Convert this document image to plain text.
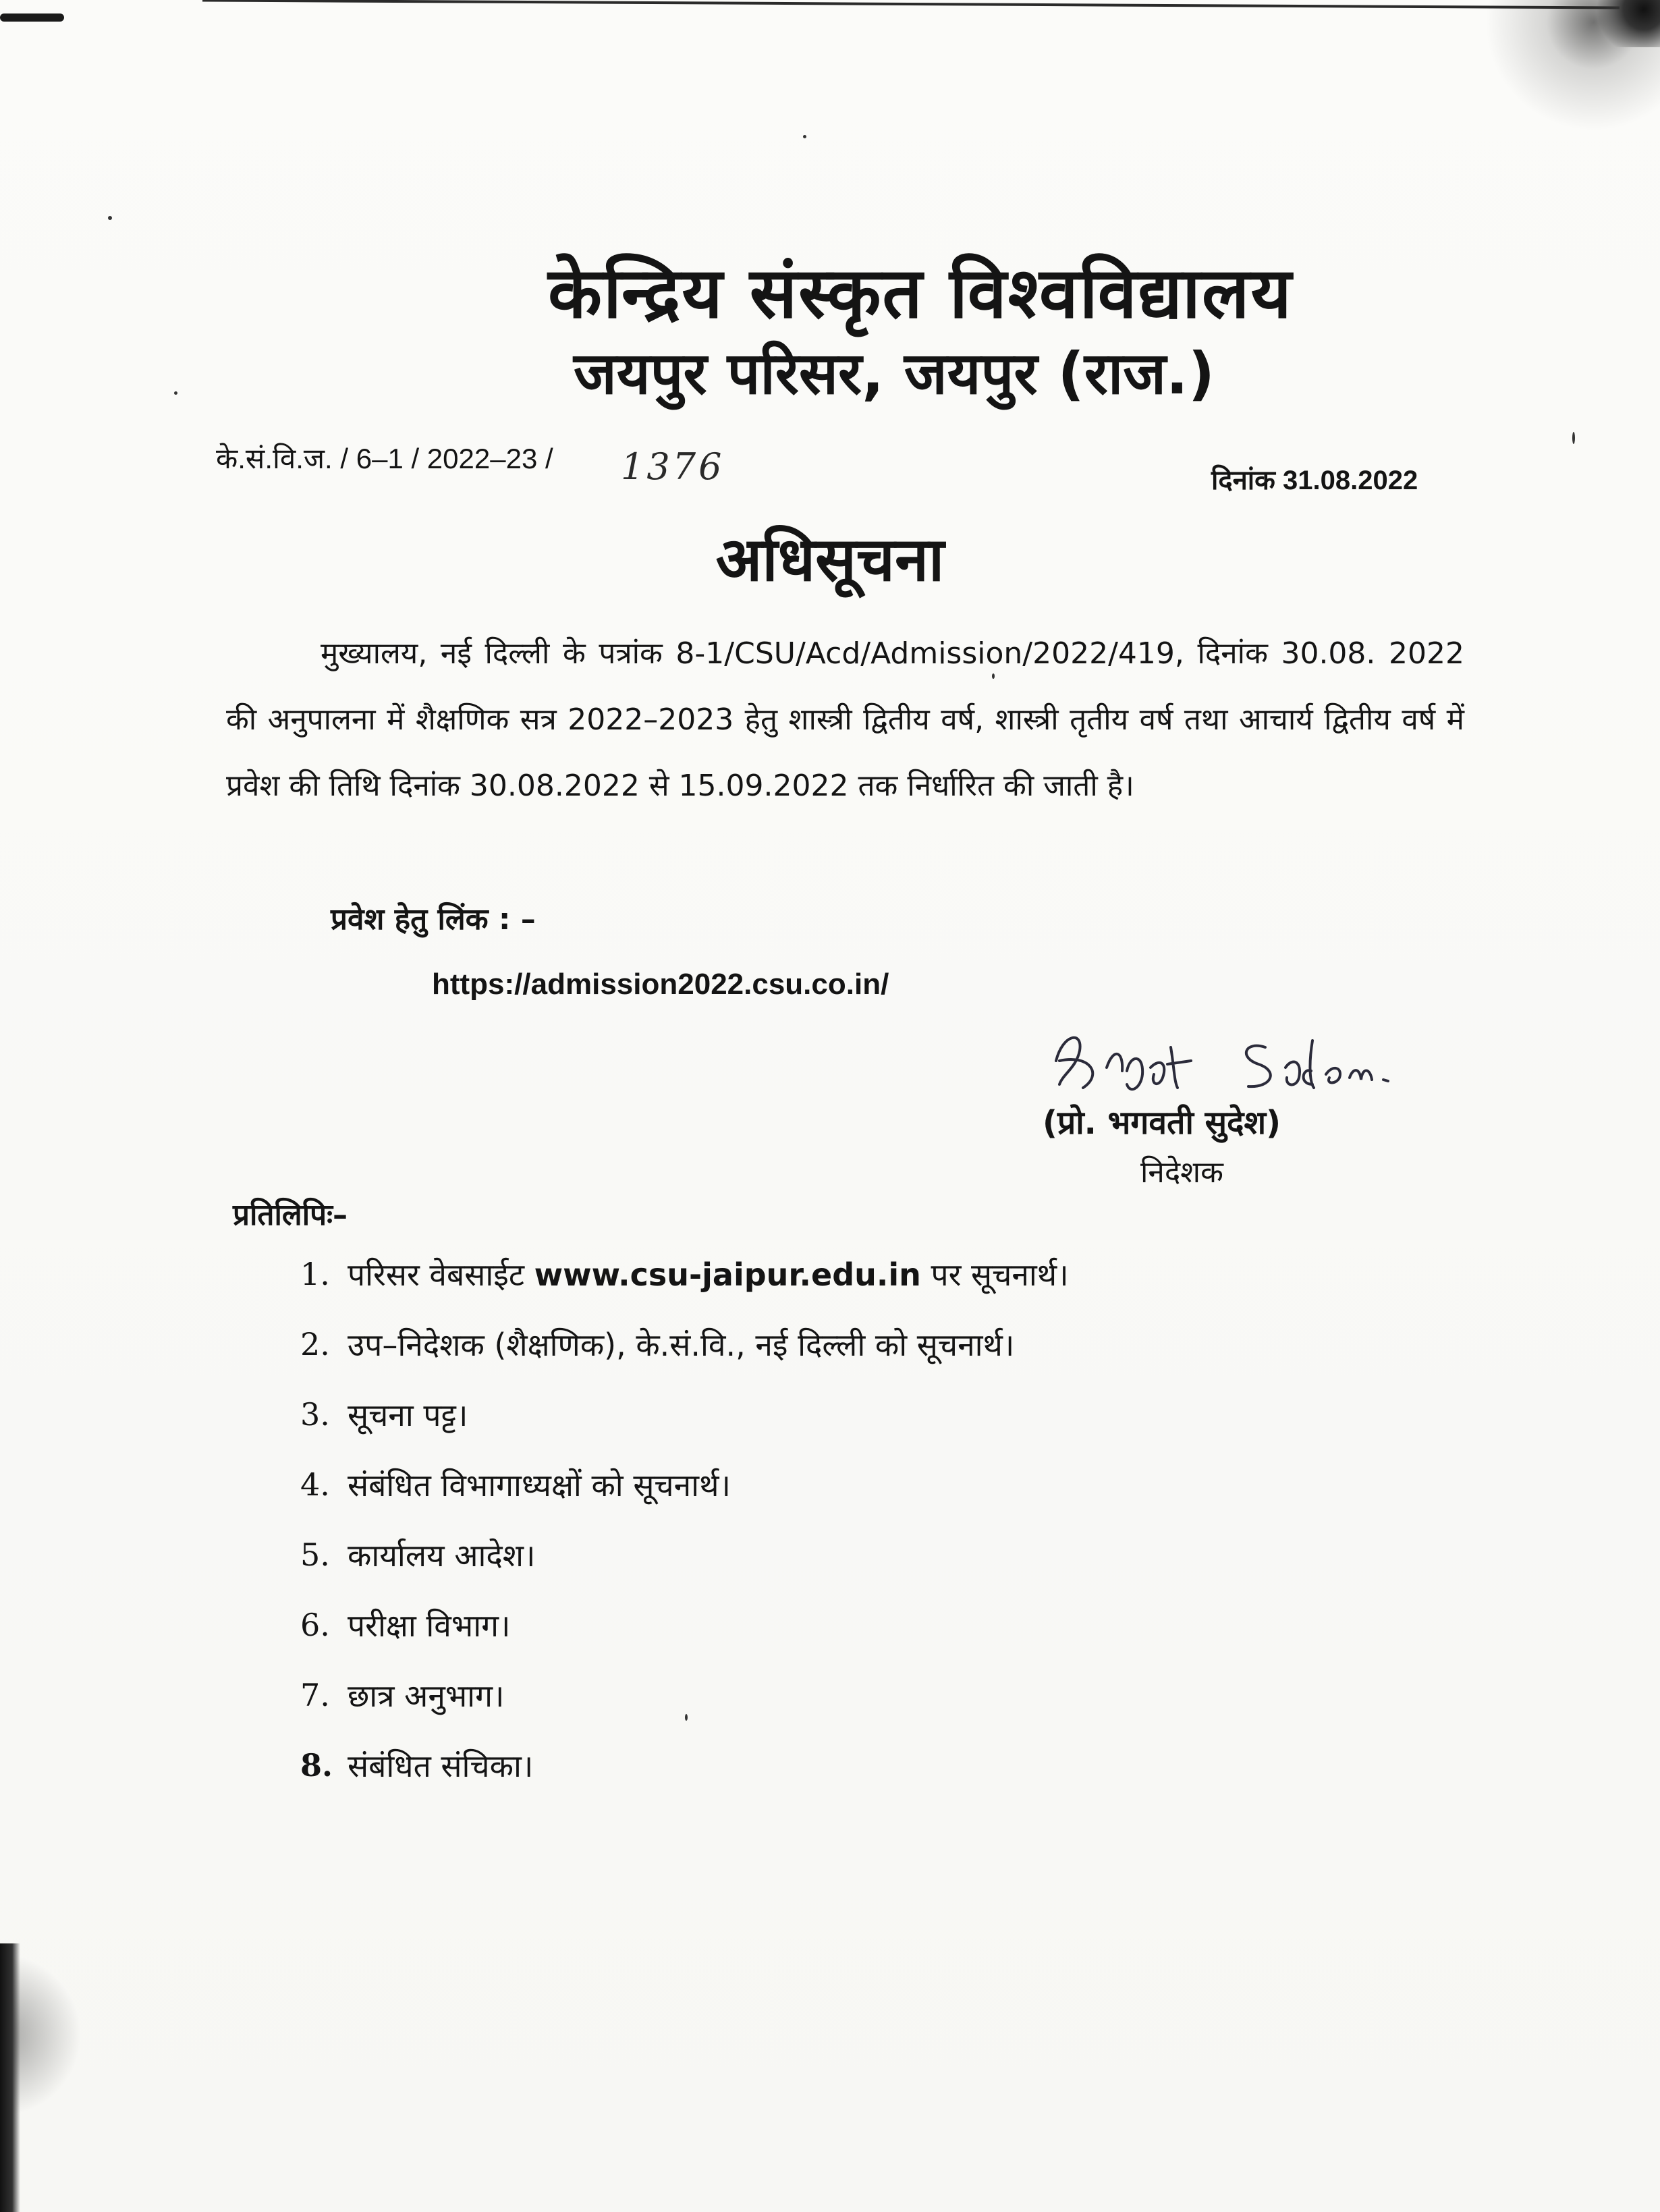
केन्द्रिय संस्कृत विश्वविद्यालय
जयपुर परिसर, जयपुर (राज.)
के.सं.वि.ज. / 6–1 / 2022–23 / 1376	दिनांक 31.08.2022
अधिसूचना
मुख्यालय, नई दिल्ली के पत्रांक 8-1/CSU/Acd/Admission/2022/419, दिनांक 30.08. 2022 की अनुपालना में शैक्षणिक सत्र 2022–2023 हेतु शास्त्री द्वितीय वर्ष, शास्त्री तृतीय वर्ष तथा आचार्य द्वितीय वर्ष में प्रवेश की तिथि दिनांक 30.08.2022 से 15.09.2022 तक निर्धारित की जाती है।
प्रवेश हेतु लिंक : –
https://admission2022.csu.co.in/
(प्रो. भगवती सुदेश)
निदेशक
प्रतिलिपिः–
1. परिसर वेबसाईट www.csu-jaipur.edu.in पर सूचनार्थ।
2. उप–निदेशक (शैक्षणिक), के.सं.वि., नई दिल्ली को सूचनार्थ।
3. सूचना पट्ट।
4. संबंधित विभागाध्यक्षों को सूचनार्थ।
5. कार्यालय आदेश।
6. परीक्षा विभाग।
7. छात्र अनुभाग।
8. संबंधित संचिका।
